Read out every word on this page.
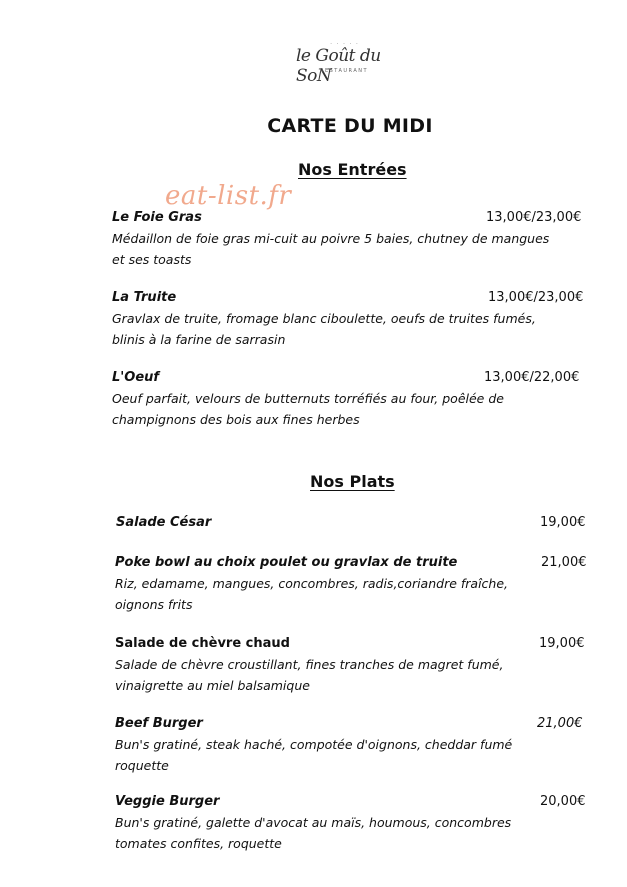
· · · · ·
le Goût du SoN
RESTAURANT
CARTE DU MIDI
Nos Entrées
eat-list.fr
Le Foie Gras	13,00€/23,00€
Médaillon de foie gras mi-cuit au poivre 5 baies, chutney de mangues
et ses toasts
La Truite	13,00€/23,00€
Gravlax de truite, fromage blanc ciboulette, oeufs de truites fumés,
blinis à la farine de sarrasin
L'Oeuf	13,00€/22,00€
Oeuf parfait, velours de butternuts torréfiés au four, poêlée de
champignons des bois aux fines herbes
Nos Plats
Salade César	19,00€
Poke bowl au choix poulet ou gravlax de truite	21,00€
Riz, edamame, mangues, concombres, radis,coriandre fraîche,
oignons frits
Salade de chèvre chaud	19,00€
Salade de chèvre croustillant, fines tranches de magret fumé,
vinaigrette au miel balsamique
Beef Burger	21,00€
Bun's gratiné, steak haché, compotée d'oignons, cheddar fumé
roquette
Veggie Burger	20,00€
Bun's gratiné, galette d'avocat au maïs, houmous, concombres
tomates confites, roquette
